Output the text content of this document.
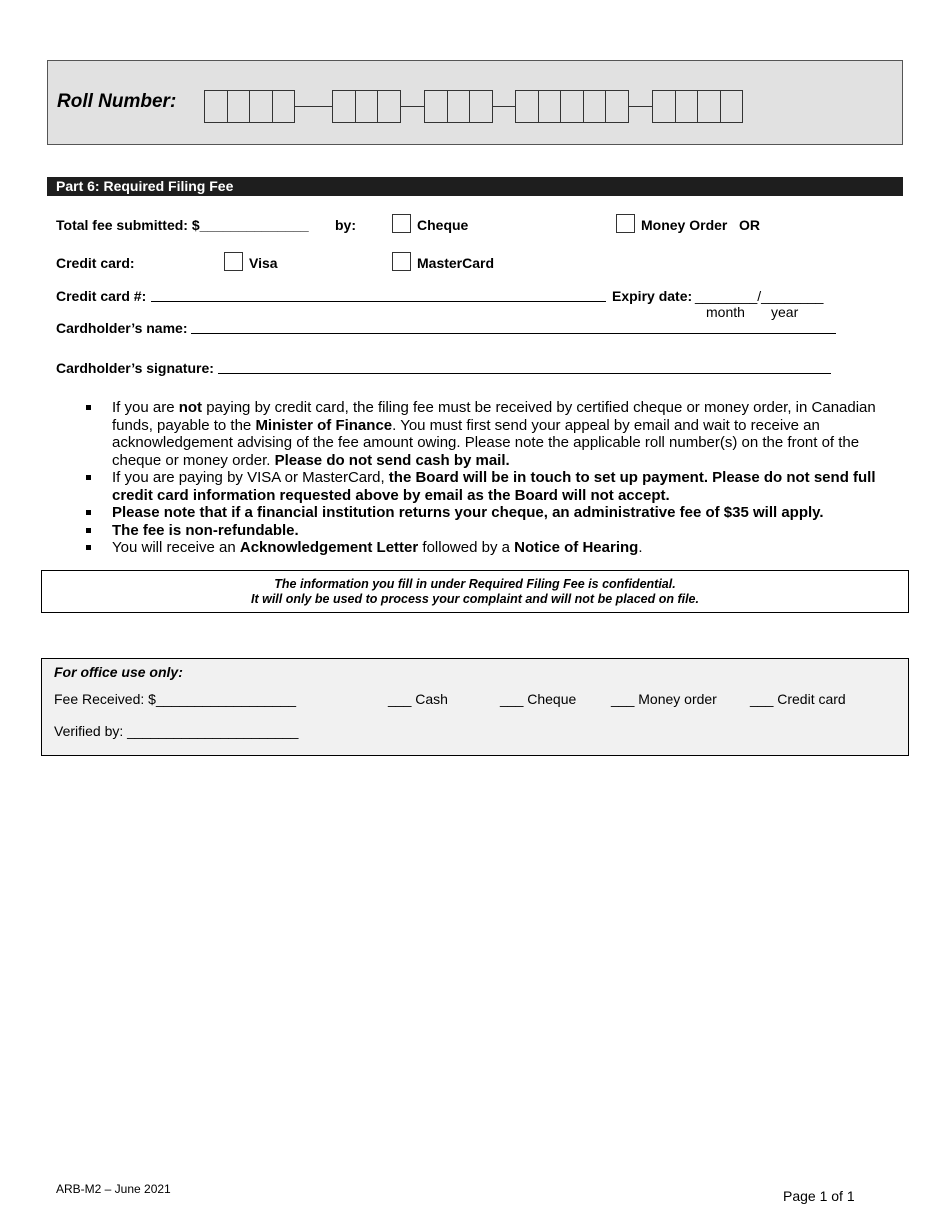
Roll Number:
Part 6: Required Filing Fee
Total fee submitted: $______________ by:	Cheque	Money Order OR
Credit card:	Visa	MasterCard
Credit card #:	Expiry date: ________/________
month year
Cardholder’s name:
Cardholder’s signature:

If you are not paying by credit card, the filing fee must be received by certified cheque or money order, in Canadian funds, payable to the Minister of Finance. You must first send your appeal by email and wait to receive an acknowledgement advising of the fee amount owing. Please note the applicable roll number(s) on the front of the cheque or money order. Please do not send cash by mail.

If you are paying by VISA or MasterCard, the Board will be in touch to set up payment. Please do not send full credit card information requested above by email as the Board will not accept.

Please note that if a financial institution returns your cheque, an administrative fee of $35 will apply.

The fee is non-refundable.

You will receive an Acknowledgement Letter followed by a Notice of Hearing.

The information you fill in under Required Filing Fee is confidential.
It will only be used to process your complaint and will not be placed on file.
For office use only:
Fee Received: $__________________	___ Cash	___ Cheque ___ Money order ___ Credit card
Verified by: ______________________
ARB-M2 – June 2021	Page 1 of 1
